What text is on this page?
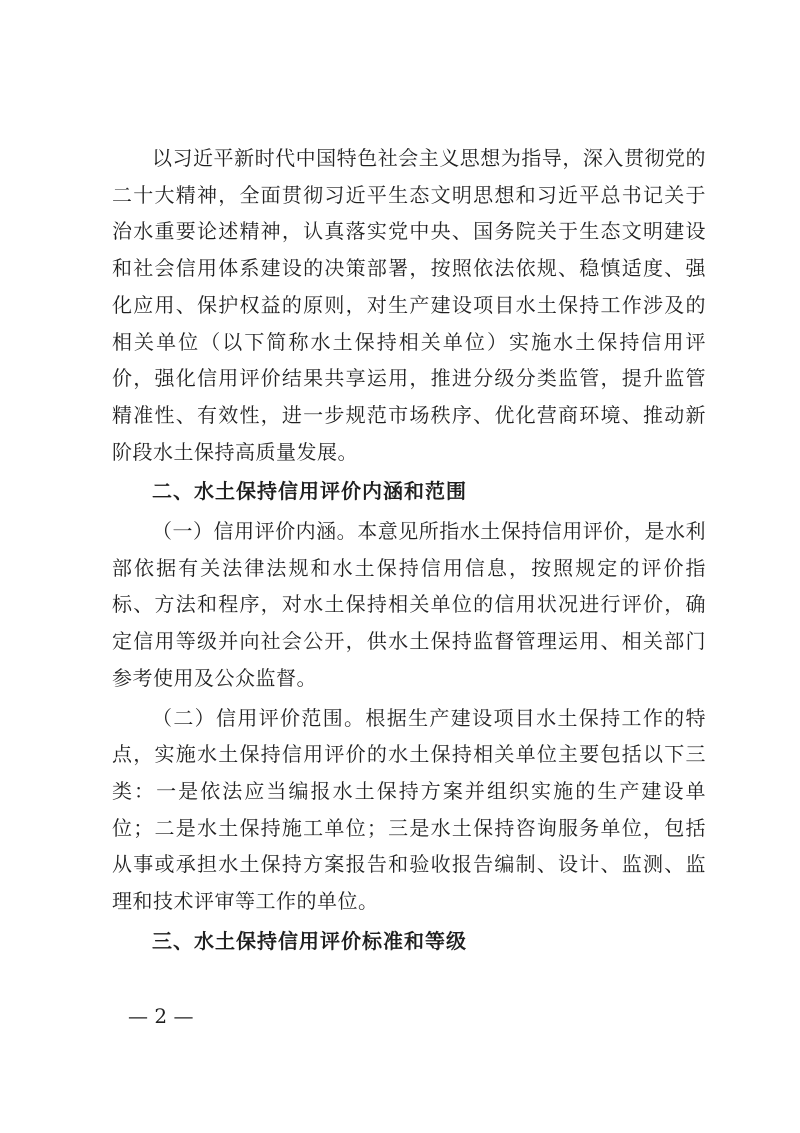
以习近平新时代中国特色社会主义思想为指导，深入贯彻党的二十大精神，全面贯彻习近平生态文明思想和习近平总书记关于治水重要论述精神，认真落实党中央、国务院关于生态文明建设和社会信用体系建设的决策部署，按照依法依规、稳慎适度、强化应用、保护权益的原则，对生产建设项目水土保持工作涉及的相关单位（以下简称水土保持相关单位）实施水土保持信用评价，强化信用评价结果共享运用，推进分级分类监管，提升监管精准性、有效性，进一步规范市场秩序、优化营商环境、推动新阶段水土保持高质量发展。

二、水土保持信用评价内涵和范围

（一）信用评价内涵。本意见所指水土保持信用评价，是水利部依据有关法律法规和水土保持信用信息，按照规定的评价指标、方法和程序，对水土保持相关单位的信用状况进行评价，确定信用等级并向社会公开，供水土保持监督管理运用、相关部门参考使用及公众监督。

（二）信用评价范围。根据生产建设项目水土保持工作的特点，实施水土保持信用评价的水土保持相关单位主要包括以下三类：一是依法应当编报水土保持方案并组织实施的生产建设单位；二是水土保持施工单位；三是水土保持咨询服务单位，包括从事或承担水土保持方案报告和验收报告编制、设计、监测、监理和技术评审等工作的单位。

三、水土保持信用评价标准和等级

— 2 —
